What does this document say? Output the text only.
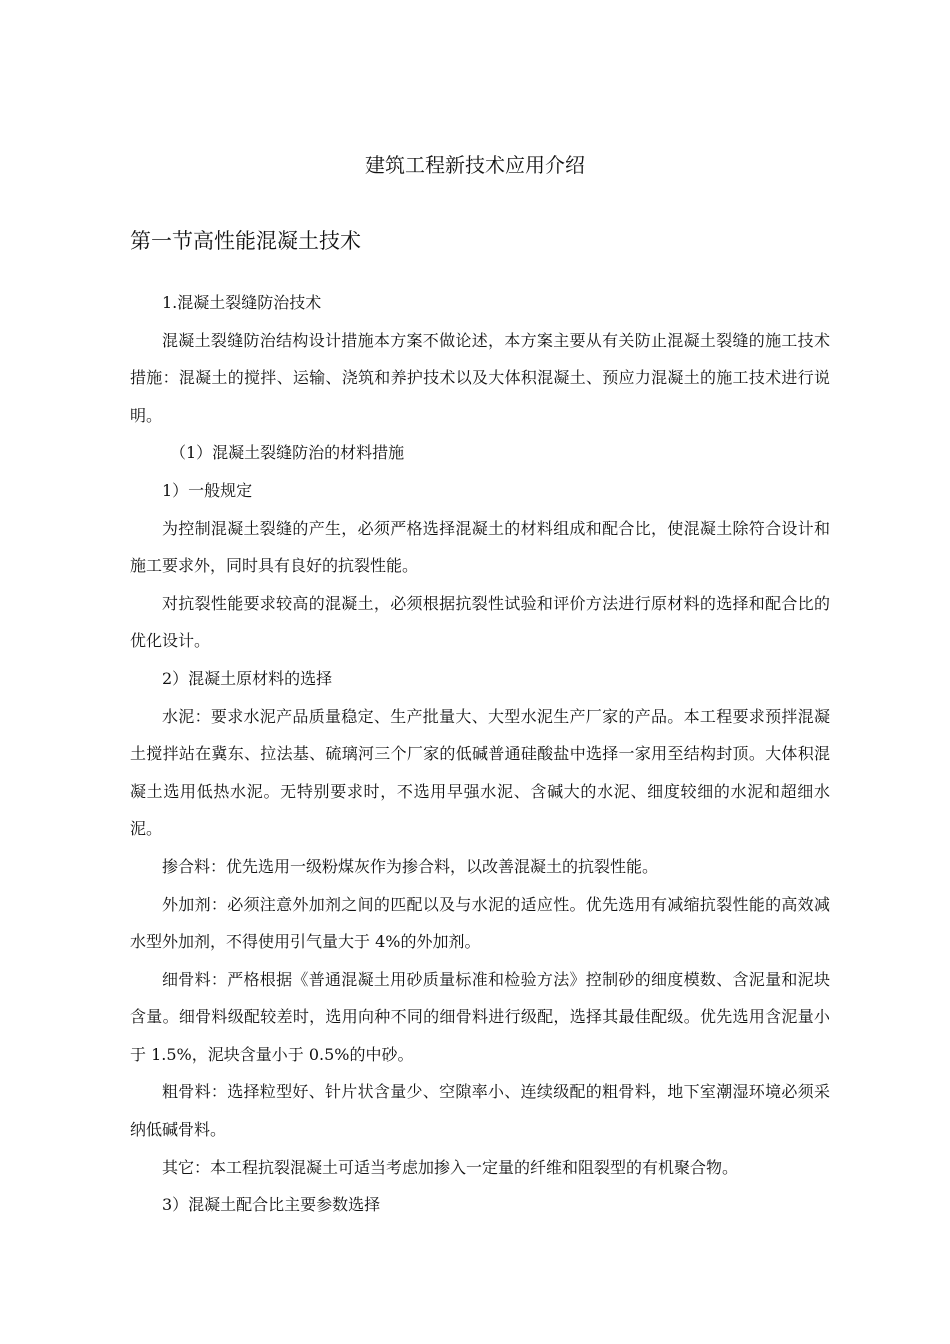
建筑工程新技术应用介绍
第一节高性能混凝土技术

1.混凝土裂缝防治技术

混凝土裂缝防治结构设计措施本方案不做论述，本方案主要从有关防止混凝土裂缝的施工技术措施：混凝土的搅拌、运输、浇筑和养护技术以及大体积混凝土、预应力混凝土的施工技术进行说明。

（1）混凝土裂缝防治的材料措施

1）一般规定

为控制混凝土裂缝的产生，必须严格选择混凝土的材料组成和配合比，使混凝土除符合设计和施工要求外，同时具有良好的抗裂性能。

对抗裂性能要求较高的混凝土，必须根据抗裂性试验和评价方法进行原材料的选择和配合比的优化设计。

2）混凝土原材料的选择

水泥：要求水泥产品质量稳定、生产批量大、大型水泥生产厂家的产品。本工程要求预拌混凝土搅拌站在冀东、拉法基、硫璃河三个厂家的低碱普通硅酸盐中选择一家用至结构封顶。大体积混凝土选用低热水泥。无特别要求时，不选用早强水泥、含碱大的水泥、细度较细的水泥和超细水泥。

掺合料：优先选用一级粉煤灰作为掺合料，以改善混凝土的抗裂性能。

外加剂：必须注意外加剂之间的匹配以及与水泥的适应性。优先选用有减缩抗裂性能的高效减水型外加剂，不得使用引气量大于 4%的外加剂。

细骨料：严格根据《普通混凝土用砂质量标准和检验方法》控制砂的细度模数、含泥量和泥块含量。细骨料级配较差时，选用向种不同的细骨料进行级配，选择其最佳配级。优先选用含泥量小于 1.5%，泥块含量小于 0.5%的中砂。

粗骨料：选择粒型好、针片状含量少、空隙率小、连续级配的粗骨料，地下室潮湿环境必须采纳低碱骨料。

其它：本工程抗裂混凝土可适当考虑加掺入一定量的纤维和阻裂型的有机聚合物。

3）混凝土配合比主要参数选择
